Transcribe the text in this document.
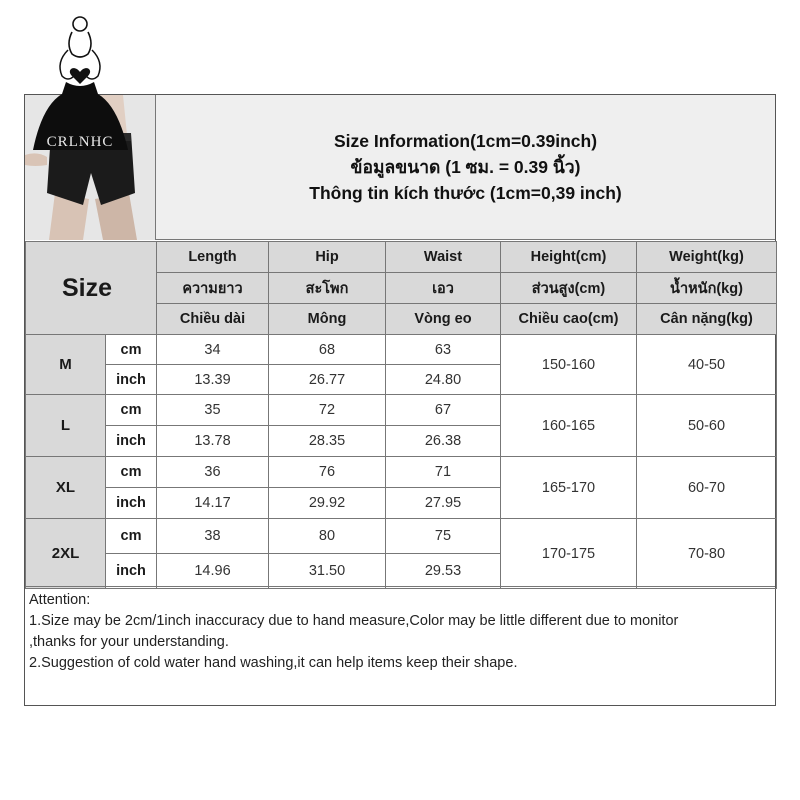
CRLNHC	Size Information(1cm=0.39inch)
ข้อมูลขนาด (1 ซม. = 0.39 นิ้ว)
Thông tin kích thước (1cm=0,39 inch)
Size		Length	Hip	Waist	Height(cm)	Weight(kg)
		ความยาว	สะโพก	เอว	ส่วนสูง(cm)	น้ำหนัก(kg)
		Chiều dài	Mông	Vòng eo	Chiều cao(cm)	Cân nặng(kg)
M	cm	34	68	63	150-160	40-50
	inch	13.39	26.77	24.80		
L	cm	35	72	67	160-165	50-60
	inch	13.78	28.35	26.38		
XL	cm	36	76	71	165-170	60-70
	inch	14.17	29.92	27.95		
2XL	cm	38	80	75	170-175	70-80
	inch	14.96	31.50	29.53		
Attention:
1.Size may be 2cm/1inch inaccuracy due to hand measure,Color may be little different due to monitor
,thanks for your understanding.
2.Suggestion of cold water hand washing,it can help items keep their shape.
